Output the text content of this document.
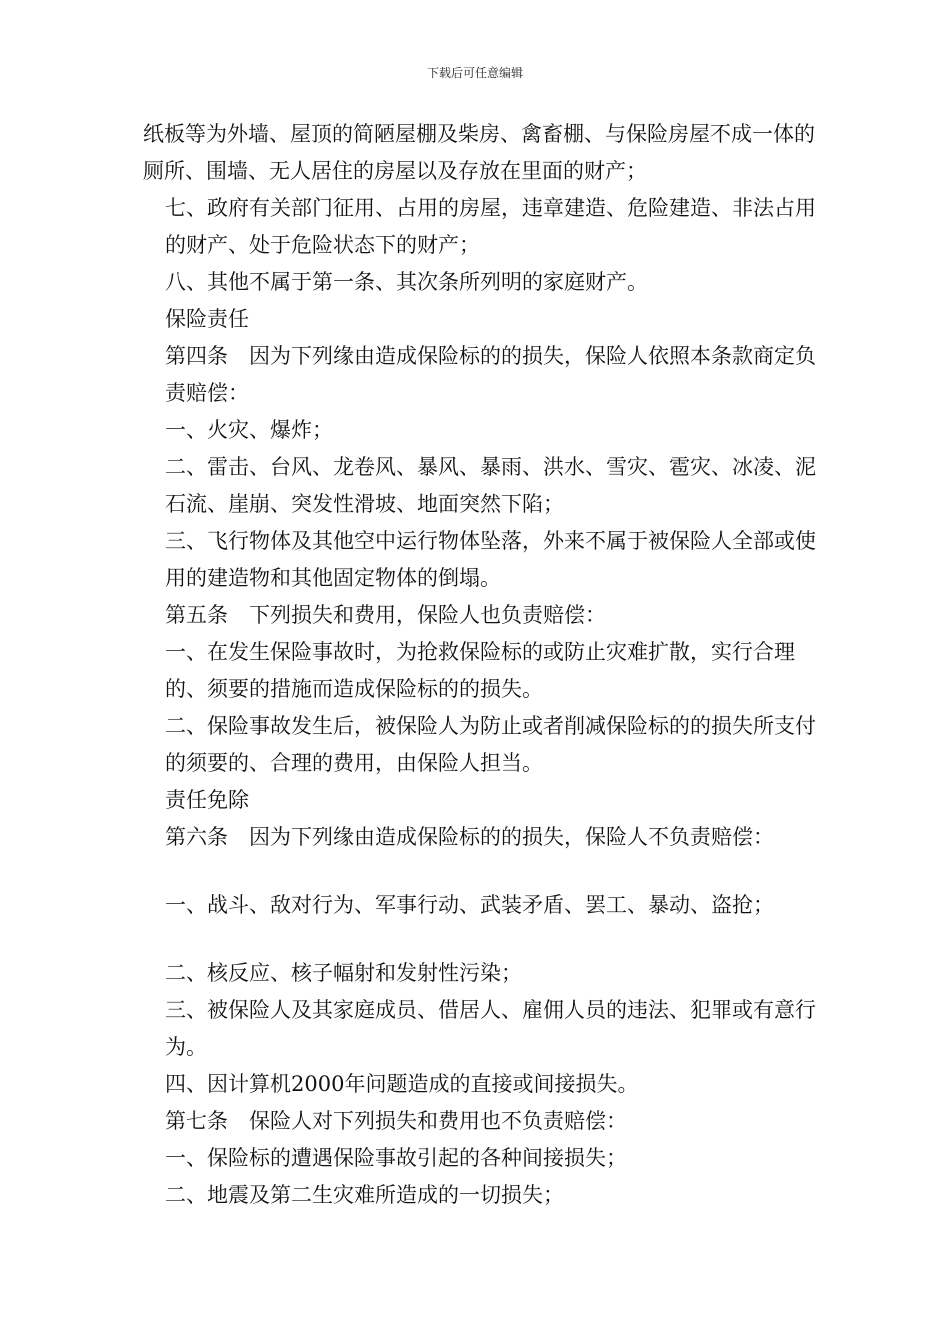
下载后可任意编辑

纸板等为外墙、屋顶的简陋屋棚及柴房、禽畜棚、与保险房屋不成一体的厕所、围墙、无人居住的房屋以及存放在里面的财产；

七、政府有关部门征用、占用的房屋，违章建造、危险建造、非法占用的财产、处于危险状态下的财产；

八、其他不属于第一条、其次条所列明的家庭财产。

保险责任

第四条　因为下列缘由造成保险标的的损失，保险人依照本条款商定负责赔偿：

一、火灾、爆炸；

二、雷击、台风、龙卷风、暴风、暴雨、洪水、雪灾、雹灾、冰凌、泥石流、崖崩、突发性滑坡、地面突然下陷；

三、飞行物体及其他空中运行物体坠落，外来不属于被保险人全部或使用的建造物和其他固定物体的倒塌。

第五条　下列损失和费用，保险人也负责赔偿：

一、在发生保险事故时，为抢救保险标的或防止灾难扩散，实行合理的、须要的措施而造成保险标的的损失。

二、保险事故发生后，被保险人为防止或者削减保险标的的损失所支付的须要的、合理的费用，由保险人担当。

责任免除

第六条　因为下列缘由造成保险标的的损失，保险人不负责赔偿：

一、战斗、敌对行为、军事行动、武装矛盾、罢工、暴动、盗抢；

二、核反应、核子幅射和发射性污染；

三、被保险人及其家庭成员、借居人、雇佣人员的违法、犯罪或有意行为。

四、因计算机2000年问题造成的直接或间接损失。

第七条　保险人对下列损失和费用也不负责赔偿：

一、保险标的遭遇保险事故引起的各种间接损失；

二、地震及第二生灾难所造成的一切损失；
